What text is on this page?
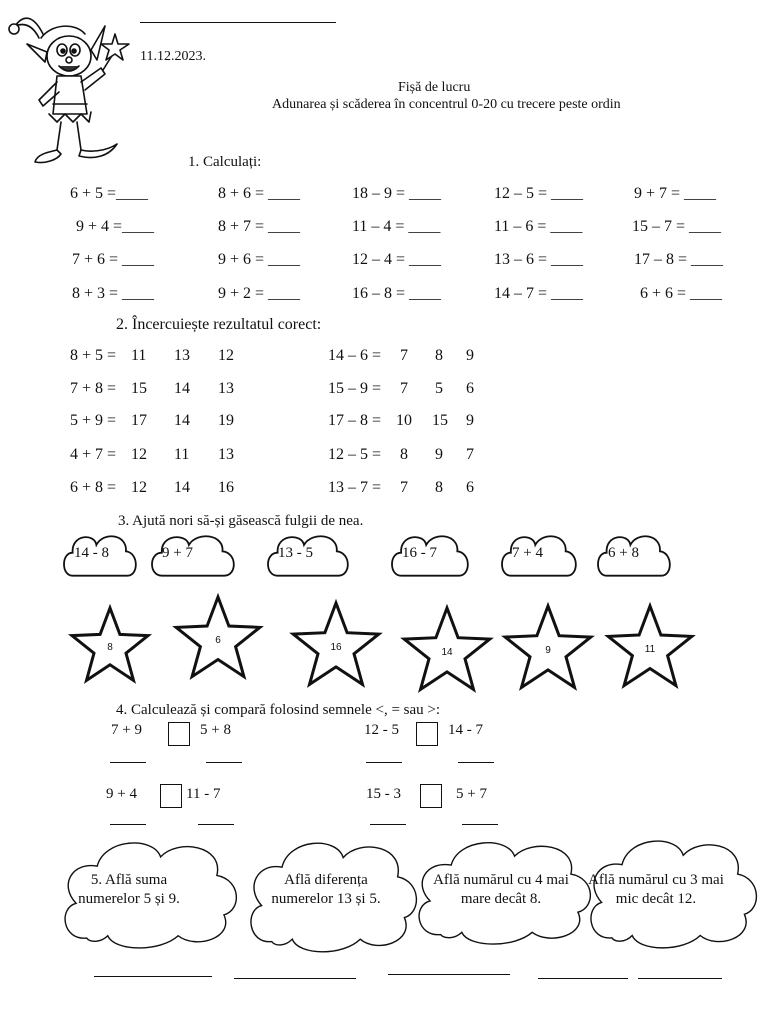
11.12.2023.
Fișă de lucru
Adunarea și scăderea în concentrul 0-20 cu trecere peste ordin
1. Calculați:
6 + 5 =____	8 + 6 = ____	18 – 9 = ____	12 – 5 = ____	9 + 7 = ____
9 + 4 =____	8 + 7 = ____	11 – 4 = ____	11 – 6 = ____	15 – 7 = ____
7 + 6 = ____	9 + 6 = ____	12 – 4 = ____	13 – 6 = ____	17 – 8 = ____
8 + 3 = ____	9 + 2 = ____	16 – 8 = ____	14 – 7 = ____	6 + 6 = ____
2. Încercuiește rezultatul corect:
8 + 5 = 11 13 12
7 + 8 = 15 14 13
5 + 9 = 17 14 19
4 + 7 = 12 11 13
6 + 8 = 12 14 16
14 – 6 = 7 8 9
15 – 9 = 7 5 6
17 – 8 = 10 15 9
12 – 5 = 8 9 7
13 – 7 = 7 8 6
3. Ajută nori să-și găsească fulgii de nea.
14 - 8	9 + 7	13 - 5	16 - 7	7 + 4	6 + 8
8
6
16	14	9	11
4. Calculează și compară folosind semnele <, = sau >:
7 + 9	5 + 8	12 - 5	14 - 7
9 + 4	11 - 7	15 - 3	5 + 7
5. Află suma numerelor 5 și 9.
Află diferența numerelor 13 și 5.
Află numărul cu 4 mai mare decât 8.
Află numărul cu 3 mai mic decât 12.
